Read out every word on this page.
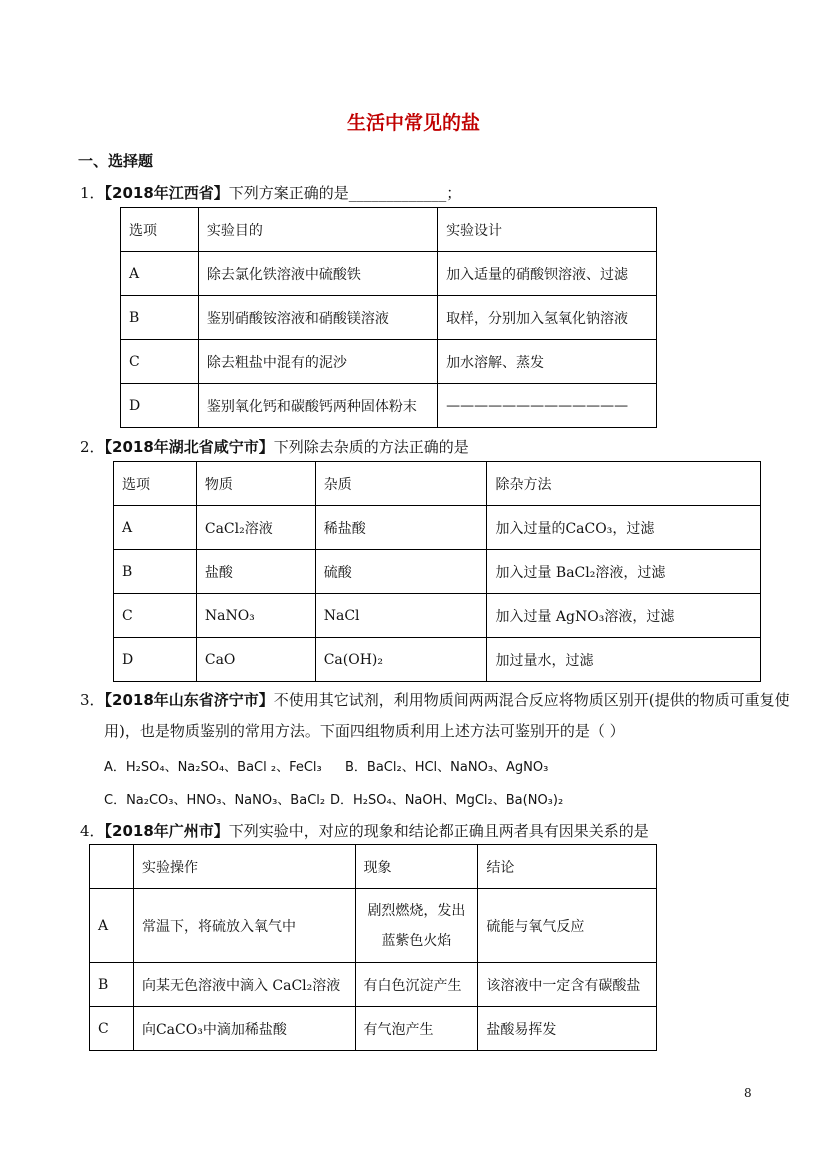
生活中常见的盐
一、选择题
1．【2018年江西省】下列方案正确的是_____________；
选项	实验目的	实验设计
A	除去氯化铁溶液中硫酸铁	加入适量的硝酸钡溶液、过滤
B	鉴别硝酸铵溶液和硝酸镁溶液	取样，分别加入氢氧化钠溶液
C	除去粗盐中混有的泥沙	加水溶解、蒸发
D	鉴别氧化钙和碳酸钙两种固体粉末	—————————————
2．【2018年湖北省咸宁市】下列除去杂质的方法正确的是
选项	物质	杂质	除杂方法
A	CaCl₂溶液	稀盐酸	加入过量的CaCO₃，过滤
B	盐酸	硫酸	加入过量 BaCl₂溶液，过滤
C	NaNO₃	NaCl	加入过量 AgNO₃溶液，过滤
D	CaO	Ca(OH)₂	加过量水，过滤
3．【2018年山东省济宁市】不使用其它试剂，利用物质间两两混合反应将物质区别开(提供的物质可重复使
用)，也是物质鉴别的常用方法。下面四组物质利用上述方法可鉴别开的是（ ）
A．H₂SO₄、Na₂SO₄、BaCl ₂、FeCl₃ B．BaCl₂、HCl、NaNO₃、AgNO₃
C．Na₂CO₃、HNO₃、NaNO₃、BaCl₂ D．H₂SO₄、NaOH、MgCl₂、Ba(NO₃)₂
4．【2018年广州市】下列实验中，对应的现象和结论都正确且两者具有因果关系的是
	实验操作	现象	结论
A	常温下，将硫放入氧气中	剧烈燃烧，发出
蓝紫色火焰	硫能与氧气反应
B	向某无色溶液中滴入 CaCl₂溶液	有白色沉淀产生	该溶液中一定含有碳酸盐
C	向CaCO₃中滴加稀盐酸	有气泡产生	盐酸易挥发
8
